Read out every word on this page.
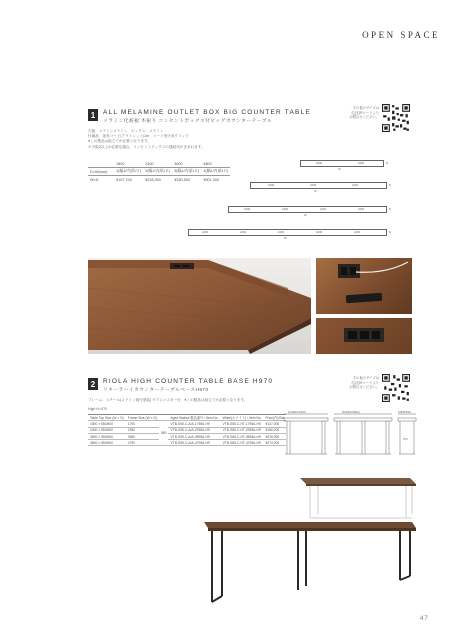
OPEN SPACE
1	ALL MELAMINE OUTLET BOX BIG COUNTER TABLE
メラミン化粧板 木振り コンセントボックス付ビッグカウンターテーブル
その他のサイズは
右記QRコードより
お問合せください。
天板：メラミンメラミン　ボックス：メラミン
付属品：延長コード(アウトレット)1m、コード受け用クリップ
●この製品は組立てが必要となります。
※天板2以上が必要な場合、コンセントボックスの連結代が含まれます。
	1800	2400	3600	4800
D×W(mm)	1(幅1/内部1ロ)	2(幅1/内部1ロ)	3(幅1/内部1ロ)	4(幅1/内部1ロ)
W×D	¥107,700	¥228,300	¥330,500	¥501,300
1800	1800
W
D
2400	2400	2400
W
D
2400	2400	2400	2400
W
D
2400	2400	2400	2400	2400
W
D
2	RIOLA HIGH COUNTER TABLE BASE H970
リオーラハイカウンターテーブルベースH970
その他のサイズは
右記QRコードより
お問合せください。
フレーム：スチール(メラミン焼付塗装) ※アジャスター付　●この製品は組立てが必要となります。
High H=970
Table Top Size (W × D)	Frame Size (W × D)		Aged Walnut 製品番号 / Item No.	White(ホワイト) / Item No.	Price(円)/Set
1800 × 550/600	1790	550	VTB-S55-C-A/A-1795A-H9	VTB-S55-C-HT-1795A-H9	¥137,000
2400 × 550/600	2390		VTB-S55-C-A/A-2395A-H9	VTB-S55-C-HT-2395A-H9	¥166,200
3600 × 550/600	3590		VTB-S55-C-A/A-3595A-H9	VTB-S55-C-HT-3595A-H9	¥228,900
4800 × 550/600	4790		VTB-S55-C-A/A-4795A-H9	VTB-S55-C-HT-4795A-H9	¥274,000
W(1800/2400)	W(2400/3600)	D(550/600)
970
47
